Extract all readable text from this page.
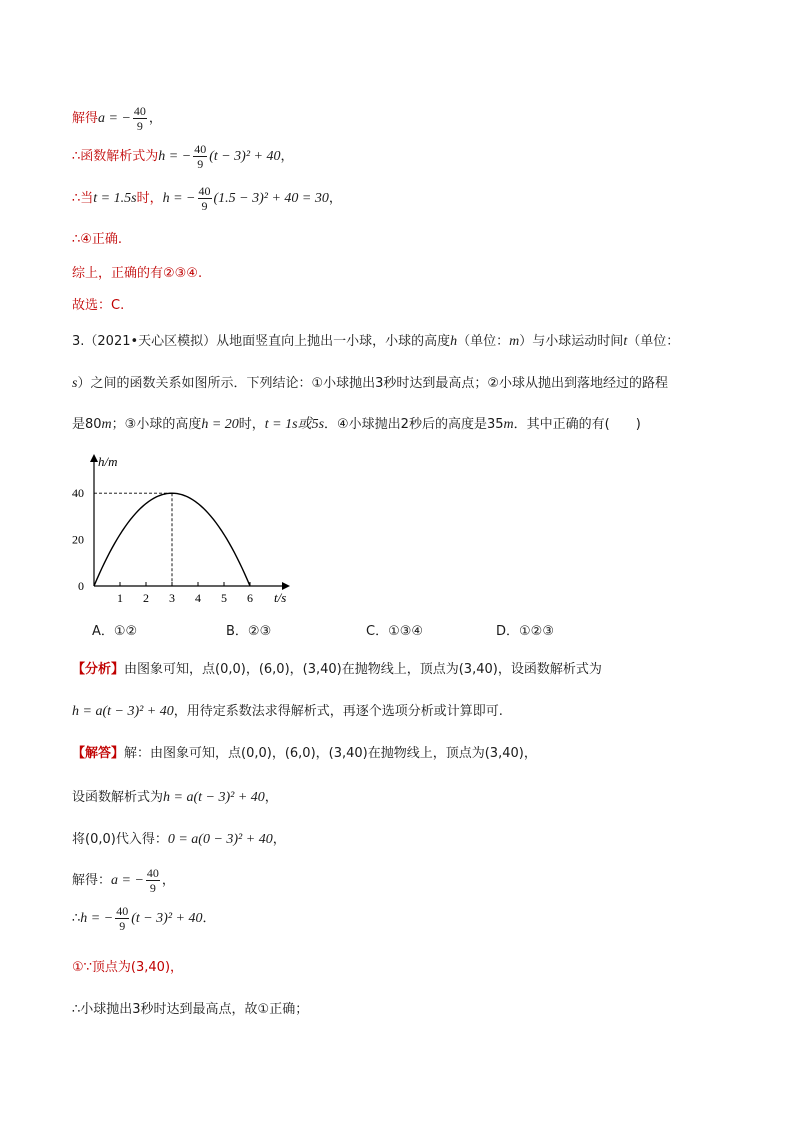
解得a = − $\frac{40}{9}$ ，
∴函数解析式为h = − $\frac{40}{9} (t - 3)^2 + 40$，
∴当t = 1.5s时，h = − $\frac{40}{9} (1.5 - 3)^2 + 40 = 30$，
∴④正确.
综上，正确的有②③④.
故选：C.
3.（2021•天心区模拟）从地面竖直向上抛出一小球，小球的高度h（单位：m）与小球运动时间t（单位：
s）之间的函数关系如图所示．下列结论：①小球抛出3秒时达到最高点；②小球从抛出到落地经过的路程
是80m；③小球的高度h = 20时，t = 1s或5s．④小球抛出2秒后的高度是35m．其中正确的有(　　)
h/m
t/s
1 2 3 4 5 6
0
20
40
A．①②	B．②③	C．①③④	D．①②③
【分析】由图象可知，点(0,0)，(6,0)，(3,40)在抛物线上，顶点为(3,40)，设函数解析式为
h = a(t − 3)² + 40，用待定系数法求得解析式，再逐个选项分析或计算即可.
【解答】解：由图象可知，点(0,0)，(6,0)，(3,40)在抛物线上，顶点为(3,40)，
设函数解析式为h = a(t − 3)² + 40，
将(0,0)代入得：0 = a(0 − 3)² + 40，
解得：a = − $\frac{40}{9}$ ，
∴h = − $\frac{40}{9} (t - 3)^2 + 40$．
①∵顶点为(3,40)，
∴小球抛出3秒时达到最高点，故①正确；
